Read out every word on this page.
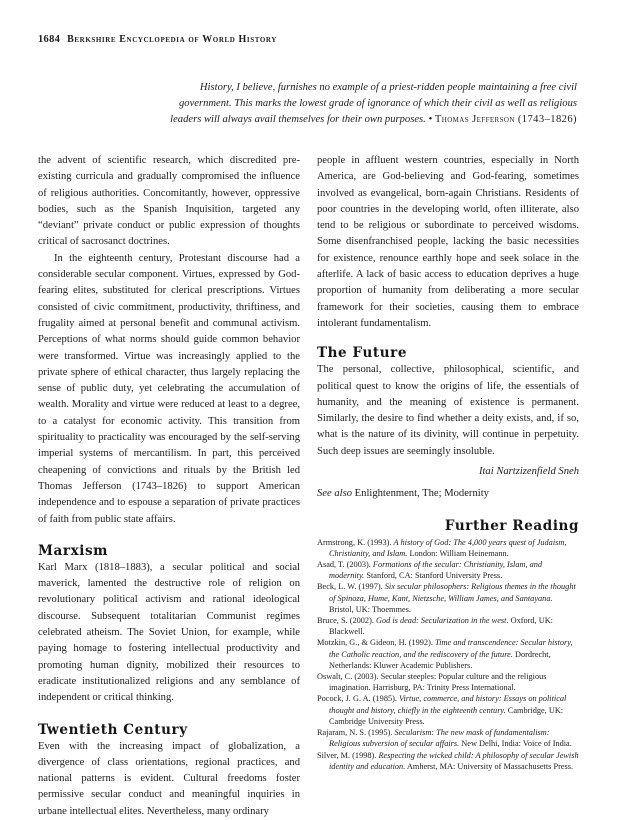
1684 Berkshire Encyclopedia of World History
History, I believe, furnishes no example of a priest-ridden people maintaining a free civil government. This marks the lowest grade of ignorance of which their civil as well as religious leaders will always avail themselves for their own purposes. • Thomas Jefferson (1743–1826)

the advent of scientific research, which discredited pre-existing curricula and gradually compromised the influence of religious authorities. Concomitantly, however, oppressive bodies, such as the Spanish Inquisition, targeted any “deviant” private conduct or public expression of thoughts critical of sacrosanct doctrines.

In the eighteenth century, Protestant discourse had a considerable secular component. Virtues, expressed by God-fearing elites, substituted for clerical prescriptions. Virtues consisted of civic commitment, productivity, thriftiness, and frugality aimed at personal benefit and communal activism. Perceptions of what norms should guide common behavior were transformed. Virtue was increasingly applied to the private sphere of ethical character, thus largely replacing the sense of public duty, yet celebrating the accumulation of wealth. Morality and virtue were reduced at least to a degree, to a catalyst for economic activity. This transition from spirituality to practicality was encouraged by the self-serving imperial systems of mercantilism. In part, this perceived cheapening of convictions and rituals by the British led Thomas Jefferson (1743–1826) to support American independence and to espouse a separation of private practices of faith from public state affairs.

Marxism

Karl Marx (1818–1883), a secular political and social maverick, lamented the destructive role of religion on revolutionary political activism and rational ideological discourse. Subsequent totalitarian Communist regimes celebrated atheism. The Soviet Union, for example, while paying homage to fostering intellectual productivity and promoting human dignity, mobilized their resources to eradicate institutionalized religions and any semblance of independent or critical thinking.

Twentieth Century

Even with the increasing impact of globalization, a divergence of class orientations, regional practices, and national patterns is evident. Cultural freedoms foster permissive secular conduct and meaningful inquiries in urbane intellectual elites. Nevertheless, many ordinary

people in affluent western countries, especially in North America, are God-believing and God-fearing, sometimes involved as evangelical, born-again Christians. Residents of poor countries in the developing world, often illiterate, also tend to be religious or subordinate to perceived wisdoms. Some disenfranchised people, lacking the basic necessities for existence, renounce earthly hope and seek solace in the afterlife. A lack of basic access to education deprives a huge proportion of humanity from deliberating a more secular framework for their societies, causing them to embrace intolerant fundamentalism.

The Future

The personal, collective, philosophical, scientific, and political quest to know the origins of life, the essentials of humanity, and the meaning of existence is permanent. Similarly, the desire to find whether a deity exists, and, if so, what is the nature of its divinity, will continue in perpetuity. Such deep issues are seemingly insoluble.

Itai Nartzizenfield Sneh
See also Enlightenment, The; Modernity
Further Reading
Armstrong, K. (1993). A history of God: The 4,000 years quest of Judaism, Christianity, and Islam. London: William Heinemann.
Asad, T. (2003). Formations of the secular: Christianity, Islam, and modernity. Stanford, CA: Stanford University Press.
Beck, L. W. (1997). Six secular philosophers: Religious themes in the thought of Spinoza, Hume, Kant, Nietzsche, William James, and Santayana. Bristol, UK: Thoemmes.
Bruce, S. (2002). God is dead: Secularization in the west. Oxford, UK: Blackwell.
Motzkin, G., & Gideon, H. (1992). Time and transcendence: Secular history, the Catholic reaction, and the rediscovery of the future. Dordrecht, Netherlands: Kluwer Academic Publishers.
Oswalt, C. (2003). Secular steeples: Popular culture and the religious imagination. Harrisburg, PA: Trinity Press International.
Pocock, J. G. A. (1985). Virtue, commerce, and history: Essays on political thought and history, chiefly in the eighteenth century. Cambridge, UK: Cambridge University Press.
Rajaram, N. S. (1995). Secularism: The new mask of fundamentalism: Religious subversion of secular affairs. New Delhi, India: Voice of India.
Silver, M. (1998). Respecting the wicked child: A philosophy of secular Jewish identity and education. Amherst, MA: University of Massachusetts Press.
